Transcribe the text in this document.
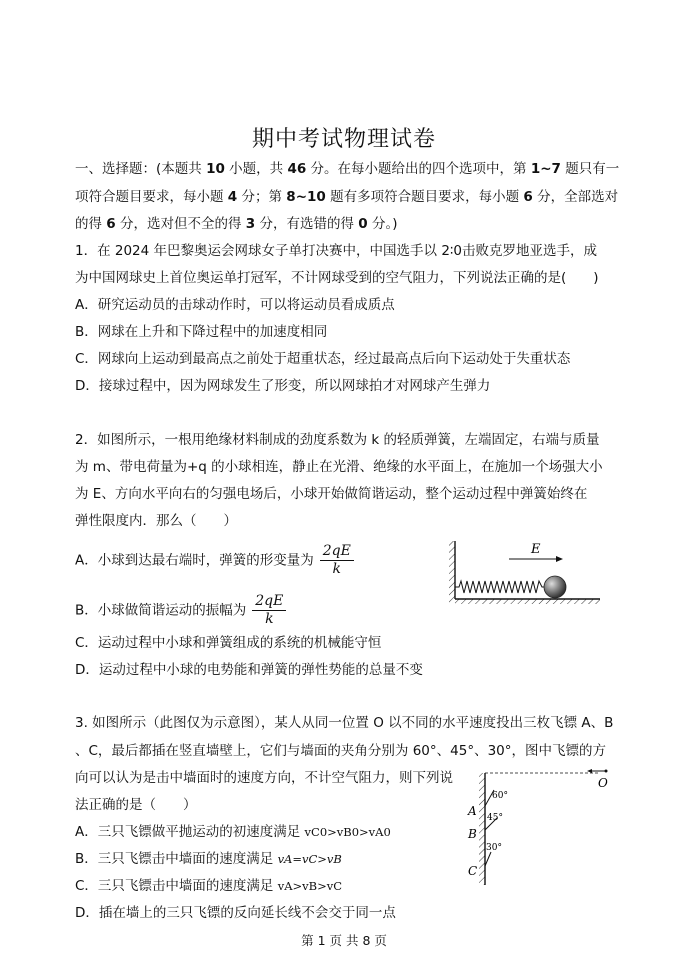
期中考试物理试卷
一、选择题：(本题共 10 小题，共 46 分。在每小题给出的四个选项中，第 1~7 题只有一
项符合题目要求，每小题 4 分；第 8~10 题有多项符合题目要求，每小题 6 分，全部选对
的得 6 分，选对但不全的得 3 分，有选错的得 0 分。)
1．在 2024 年巴黎奥运会网球女子单打决赛中，中国选手以 2∶0击败克罗地亚选手，成
为中国网球史上首位奥运单打冠军，不计网球受到的空气阻力，下列说法正确的是(　　)
A．研究运动员的击球动作时，可以将运动员看成质点
B．网球在上升和下降过程中的加速度相同
C．网球向上运动到最高点之前处于超重状态，经过最高点后向下运动处于失重状态
D．接球过程中，因为网球发生了形变，所以网球拍才对网球产生弹力
2．如图所示，一根用绝缘材料制成的劲度系数为 k 的轻质弹簧，左端固定，右端与质量
为 m、带电荷量为+q 的小球相连，静止在光滑、绝缘的水平面上，在施加一个场强大小
为 E、方向水平向右的匀强电场后，小球开始做简谐运动，整个运动过程中弹簧始终在
弹性限度内．那么（　　）
A．小球到达最右端时，弹簧的形变量为 $\frac{2qE}{k}$
B．小球做简谐运动的振幅为 $\frac{2qE}{k}$
C．运动过程中小球和弹簧组成的系统的机械能守恒
D．运动过程中小球的电势能和弹簧的弹性势能的总量不变
E
3. 如图所示（此图仅为示意图），某人从同一位置 O 以不同的水平速度投出三枚飞镖 A、B
、C，最后都插在竖直墙壁上，它们与墙面的夹角分别为 60°、45°、30°，图中飞镖的方
向可以认为是击中墙面时的速度方向，不计空气阻力，则下列说
法正确的是（　　）
A．三只飞镖做平抛运动的初速度满足 vC0>vB0>vA0
B．三只飞镖击中墙面的速度满足 vA=vC>vB
C．三只飞镖击中墙面的速度满足 vA>vB>vC
D．插在墙上的三只飞镖的反向延长线不会交于同一点
O
60°
A 45°
B
30°
C
第 1 页 共 8 页
